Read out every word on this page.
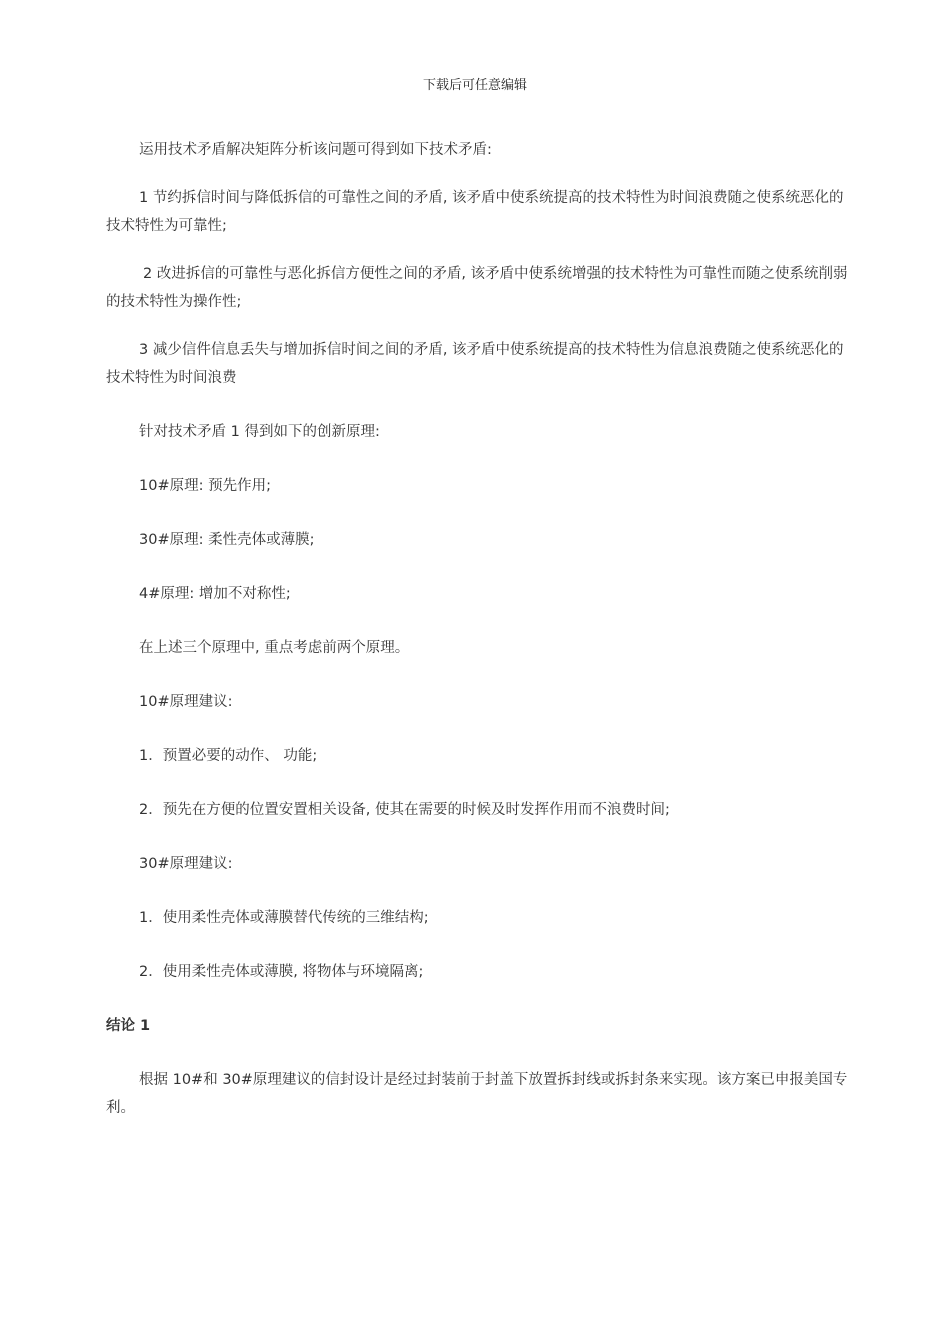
下载后可任意编辑

运用技术矛盾解决矩阵分析该问题可得到如下技术矛盾:

1 节约拆信时间与降低拆信的可靠性之间的矛盾, 该矛盾中使系统提高的技术特性为时间浪费随之使系统恶化的技术特性为可靠性;

2 改进拆信的可靠性与恶化拆信方便性之间的矛盾, 该矛盾中使系统增强的技术特性为可靠性而随之使系统削弱的技术特性为操作性;

3 减少信件信息丢失与增加拆信时间之间的矛盾, 该矛盾中使系统提高的技术特性为信息浪费随之使系统恶化的技术特性为时间浪费

针对技术矛盾 1 得到如下的创新原理:

10#原理: 预先作用;

30#原理: 柔性壳体或薄膜;

4#原理: 增加不对称性;

在上述三个原理中, 重点考虑前两个原理。

10#原理建议:

1．预置必要的动作、 功能;

2．预先在方便的位置安置相关设备, 使其在需要的时候及时发挥作用而不浪费时间;

30#原理建议:

1．使用柔性壳体或薄膜替代传统的三维结构;

2．使用柔性壳体或薄膜, 将物体与环境隔离;

结论 1

根据 10#和 30#原理建议的信封设计是经过封装前于封盖下放置拆封线或拆封条来实现。该方案已申报美国专利。
